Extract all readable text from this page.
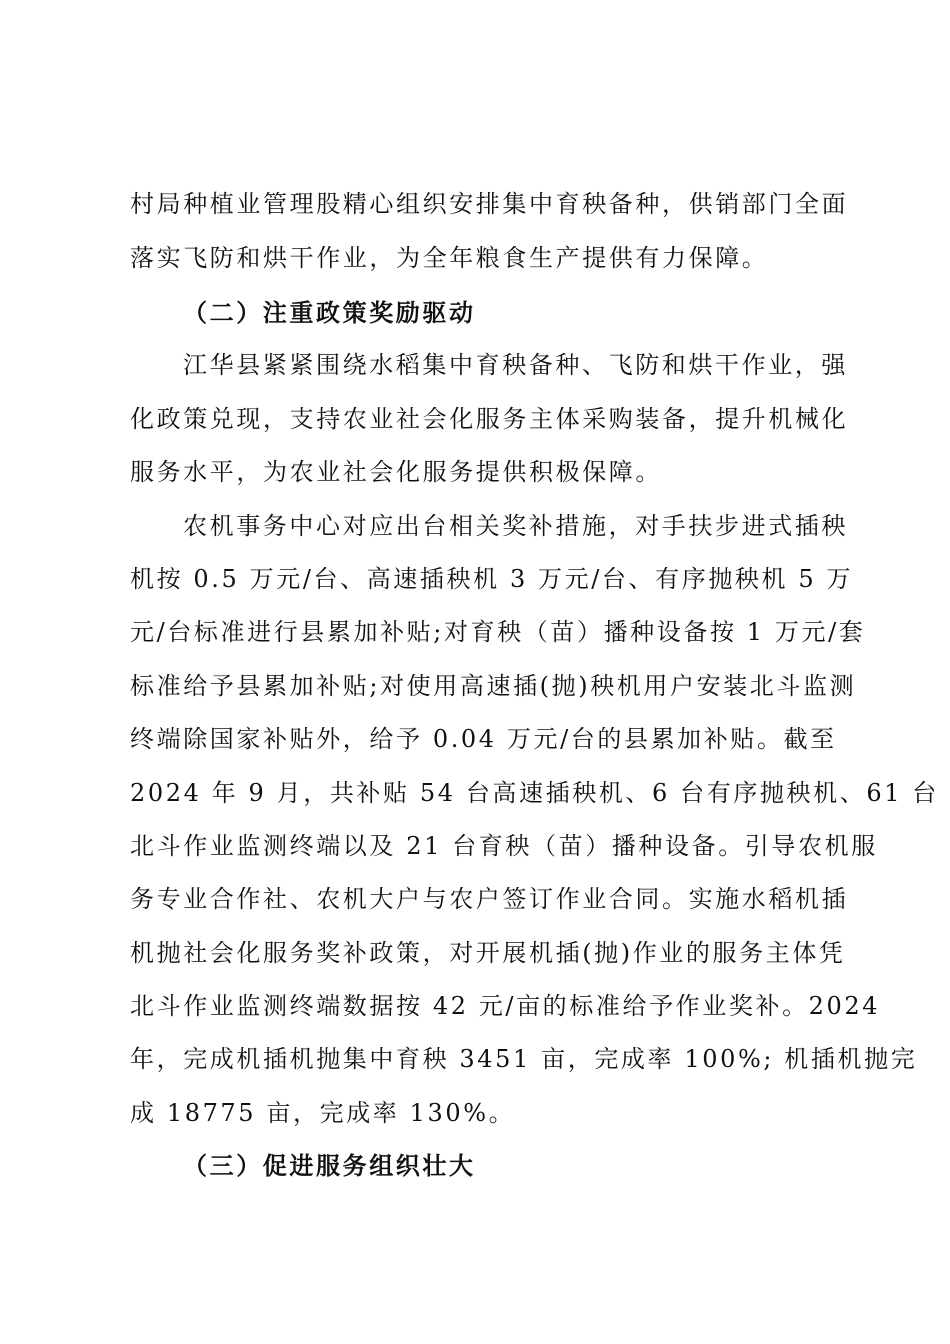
村局种植业管理股精心组织安排集中育秧备种，供销部门全面
落实飞防和烘干作业，为全年粮食生产提供有力保障。
（二）注重政策奖励驱动
江华县紧紧围绕水稻集中育秧备种、飞防和烘干作业，强
化政策兑现，支持农业社会化服务主体采购装备，提升机械化
服务水平，为农业社会化服务提供积极保障。
农机事务中心对应出台相关奖补措施，对手扶步进式插秧
机按 0.5 万元/台、高速插秧机 3 万元/台、有序抛秧机 5 万
元/台标准进行县累加补贴;对育秧（苗）播种设备按 1 万元/套
标准给予县累加补贴;对使用高速插(抛)秧机用户安装北斗监测
终端除国家补贴外，给予 0.04 万元/台的县累加补贴。截至
2024 年 9 月，共补贴 54 台高速插秧机、6 台有序抛秧机、61 台
北斗作业监测终端以及 21 台育秧（苗）播种设备。引导农机服
务专业合作社、农机大户与农户签订作业合同。实施水稻机插
机抛社会化服务奖补政策，对开展机插(抛)作业的服务主体凭
北斗作业监测终端数据按 42 元/亩的标准给予作业奖补。2024
年，完成机插机抛集中育秧 3451 亩，完成率 100%; 机插机抛完
成 18775 亩，完成率 130%。
（三）促进服务组织壮大
